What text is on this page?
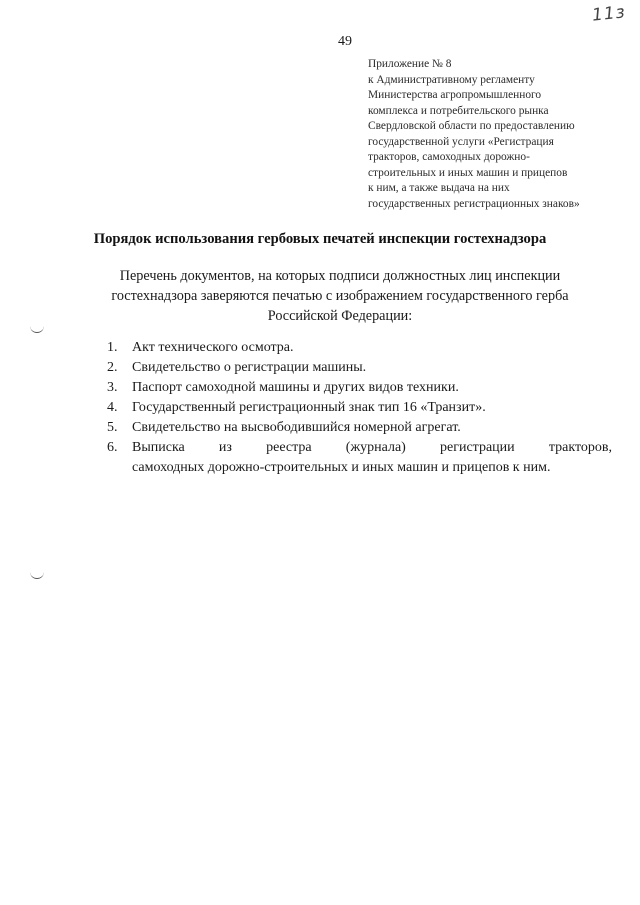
11з
49
Приложение № 8
к Административному регламенту
Министерства агропромышленного
комплекса и потребительского рынка
Свердловской области по предоставлению
государственной услуги «Регистрация
тракторов, самоходных дорожно-
строительных и иных машин и прицепов
к ним, а также выдача на них
государственных регистрационных знаков»
Порядок использования гербовых печатей инспекции гостехнадзора
Перечень документов, на которых подписи должностных лиц инспекции
гостехнадзора заверяются печатью с изображением государственного герба
Российской Федерации:
1.	Акт технического осмотра.
2.	Свидетельство о регистрации машины.
3.	Паспорт самоходной машины и других видов техники.
4.	Государственный регистрационный знак тип 16 «Транзит».
5.	Свидетельство на высвободившийся номерной агрегат.
6.	Выписка из реестра (журнала) регистрации тракторов,
самоходных дорожно-строительных и иных машин и прицепов к ним.
